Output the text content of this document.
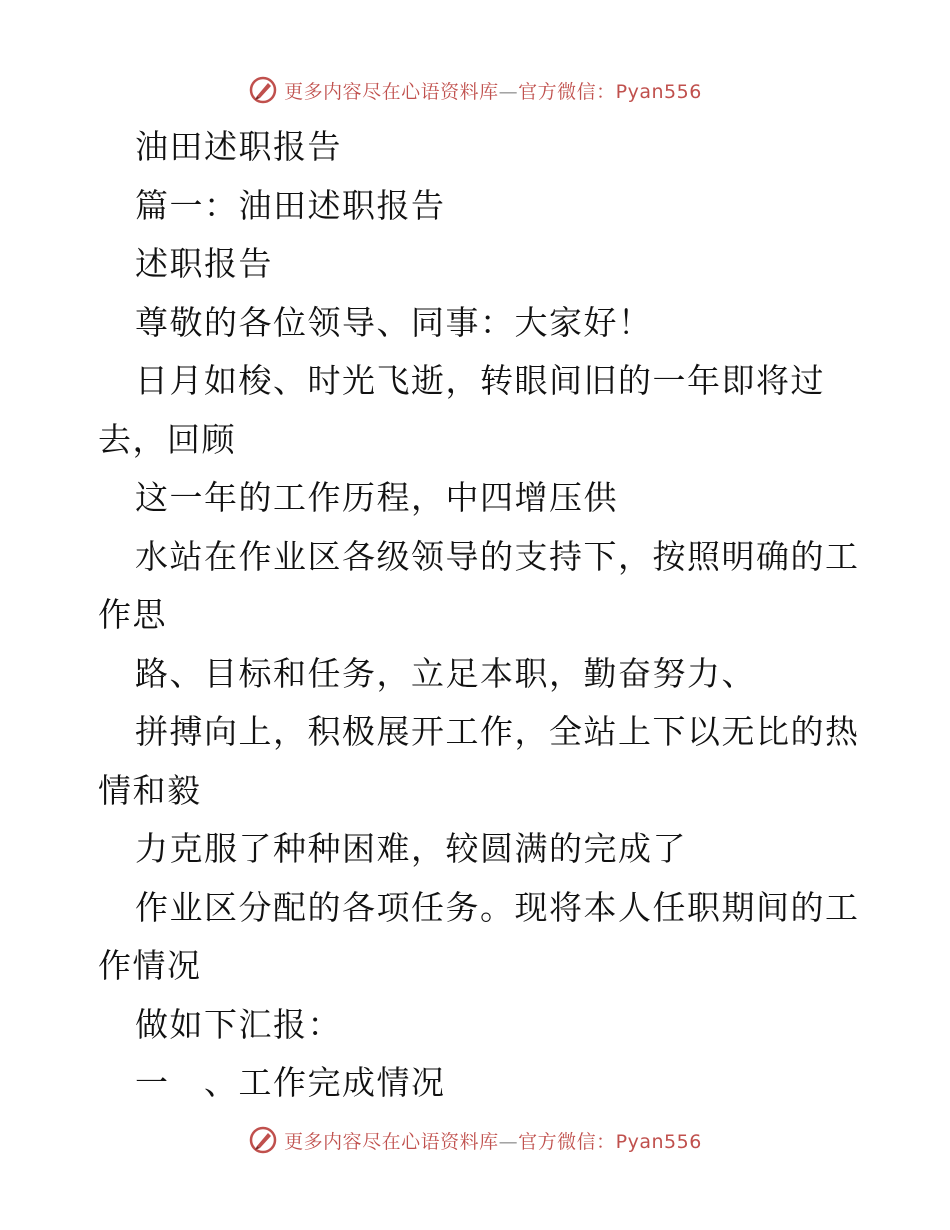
更多内容尽在心语资料库—官方微信：Pyan556

油田述职报告

篇一：油田述职报告

述职报告

尊敬的各位领导、同事：大家好！

日月如梭、时光飞逝，转眼间旧的一年即将过去，回顾

这一年的工作历程，中四增压供

水站在作业区各级领导的支持下，按照明确的工作思

路、目标和任务，立足本职，勤奋努力、

拼搏向上，积极展开工作，全站上下以无比的热情和毅

力克服了种种困难，较圆满的完成了

作业区分配的各项任务。现将本人任职期间的工作情况

做如下汇报：

一　、工作完成情况

更多内容尽在心语资料库—官方微信：Pyan556
